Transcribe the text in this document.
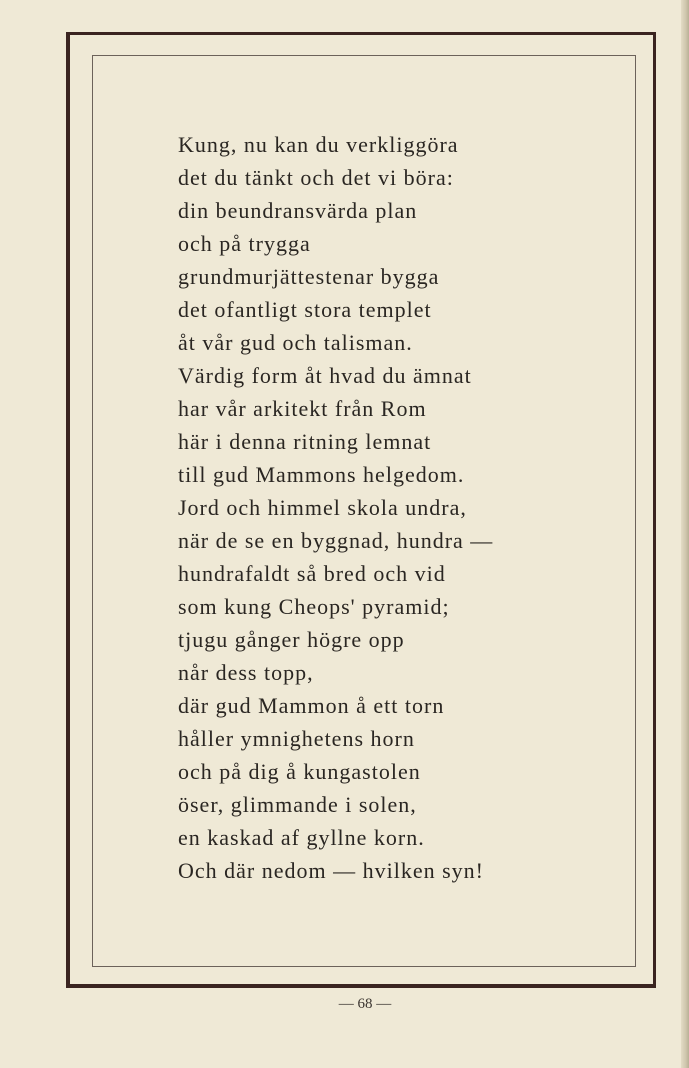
Kung, nu kan du verkliggöra
det du tänkt och det vi böra:
din beundransvärda plan
och på trygga
grundmurjättestenar bygga
det ofantligt stora templet
åt vår gud och talisman.
Värdig form åt hvad du ämnat
har vår arkitekt från Rom
här i denna ritning lemnat
till gud Mammons helgedom.
Jord och himmel skola undra,
när de se en byggnad, hundra —
hundrafaldt så bred och vid
som kung Cheops' pyramid;
tjugu gånger högre opp
når dess topp,
där gud Mammon å ett torn
håller ymnighetens horn
och på dig å kungastolen
öser, glimmande i solen,
en kaskad af gyllne korn.
Och där nedom — hvilken syn!
— 68 —
